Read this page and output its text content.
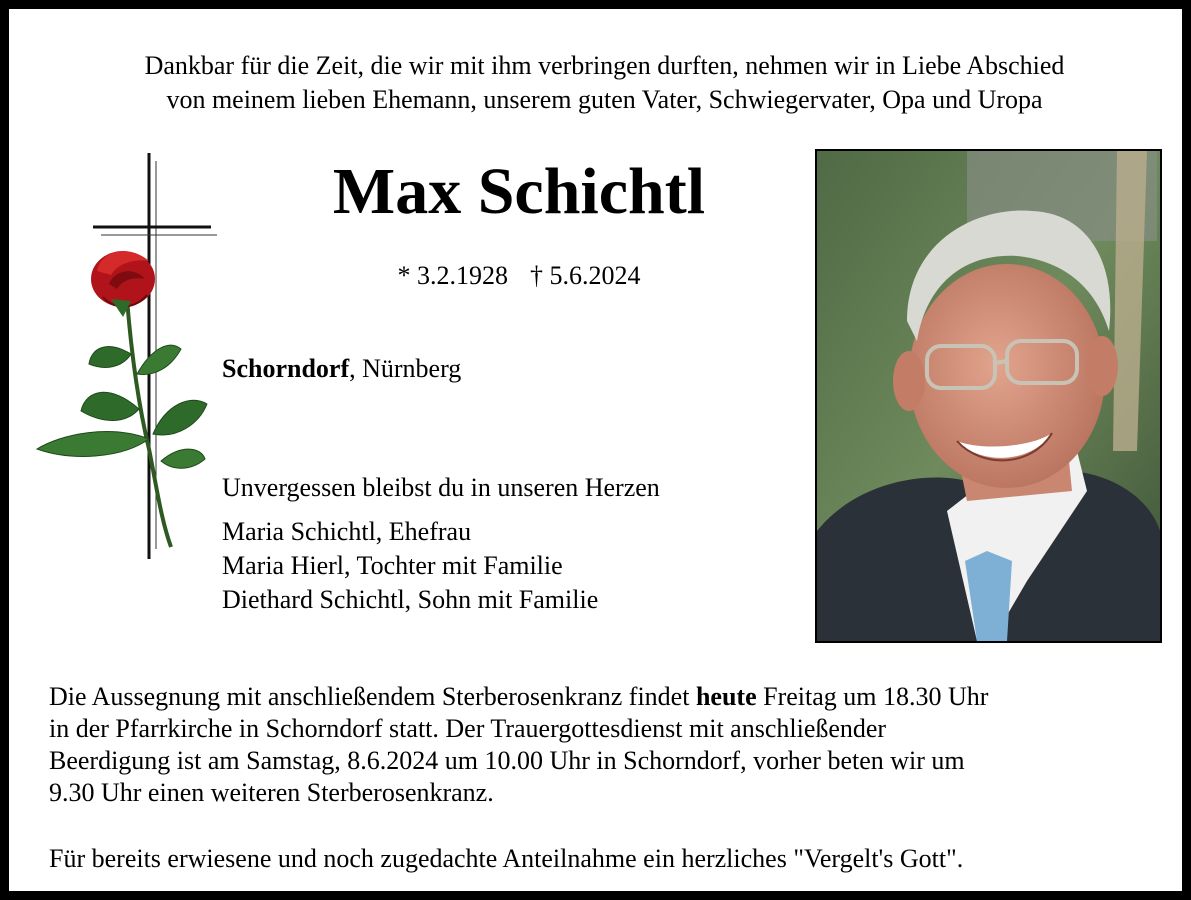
Dankbar für die Zeit, die wir mit ihm verbringen durften, nehmen wir in Liebe Abschied
von meinem lieben Ehemann, unserem guten Vater, Schwiegervater, Opa und Uropa
Max Schichtl
* 3.2.1928 † 5.6.2024
Schorndorf, Nürnberg
Unvergessen bleibst du in unseren Herzen
Maria Schichtl, Ehefrau
Maria Hierl, Tochter mit Familie
Diethard Schichtl, Sohn mit Familie
Die Aussegnung mit anschließendem Sterberosenkranz findet heute Freitag um 18.30 Uhr
in der Pfarrkirche in Schorndorf statt. Der Trauergottesdienst mit anschließender
Beerdigung ist am Samstag, 8.6.2024 um 10.00 Uhr in Schorndorf, vorher beten wir um
9.30 Uhr einen weiteren Sterberosenkranz.
Für bereits erwiesene und noch zugedachte Anteilnahme ein herzliches "Vergelt's Gott".
